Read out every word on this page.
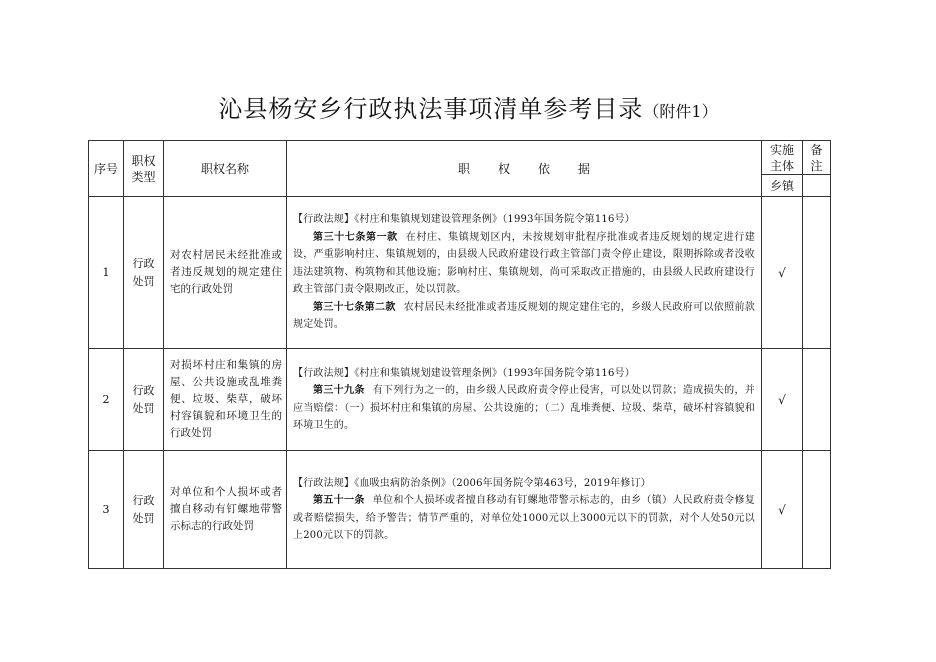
沁县杨安乡行政执法事项清单参考目录（附件1）
序号	职权类型	职权名称	职权依据	实施主体	备注

				乡镇	
1	行政处罚	对农村居民未经批准或者违反规划的规定建住宅的行政处罚	【行政法规】《村庄和集镇规划建设管理条例》（1993年国务院令第116号）

第三十七条第一款 在村庄、集镇规划区内，未按规划审批程序批准或者违反规划的规定进行建设，严重影响村庄、集镇规划的，由县级人民政府建设行政主管部门责令停止建设，限期拆除或者没收违法建筑物、构筑物和其他设施；影响村庄、集镇规划，尚可采取改正措施的，由县级人民政府建设行政主管部门责令限期改正，处以罚款。

第三十七条第二款 农村居民未经批准或者违反规划的规定建住宅的，乡级人民政府可以依照前款规定处罚。	√	
2	行政处罚	对损坏村庄和集镇的房屋、公共设施或乱堆粪便、垃圾、柴草，破坏村容镇貌和环境卫生的行政处罚	【行政法规】《村庄和集镇规划建设管理条例》（1993年国务院令第116号）

第三十九条 有下列行为之一的，由乡级人民政府责令停止侵害，可以处以罚款；造成损失的，并应当赔偿：（一）损坏村庄和集镇的房屋、公共设施的；（二）乱堆粪便、垃圾、柴草，破坏村容镇貌和环境卫生的。	√	
3	行政处罚	对单位和个人损坏或者擅自移动有钉螺地带警示标志的行政处罚	【行政法规】《血吸虫病防治条例》（2006年国务院令第463号，2019年修订）

第五十一条 单位和个人损坏或者擅自移动有钉螺地带警示标志的，由乡（镇）人民政府责令修复或者赔偿损失，给予警告；情节严重的，对单位处1000元以上3000元以下的罚款，对个人处50元以上200元以下的罚款。	√	
